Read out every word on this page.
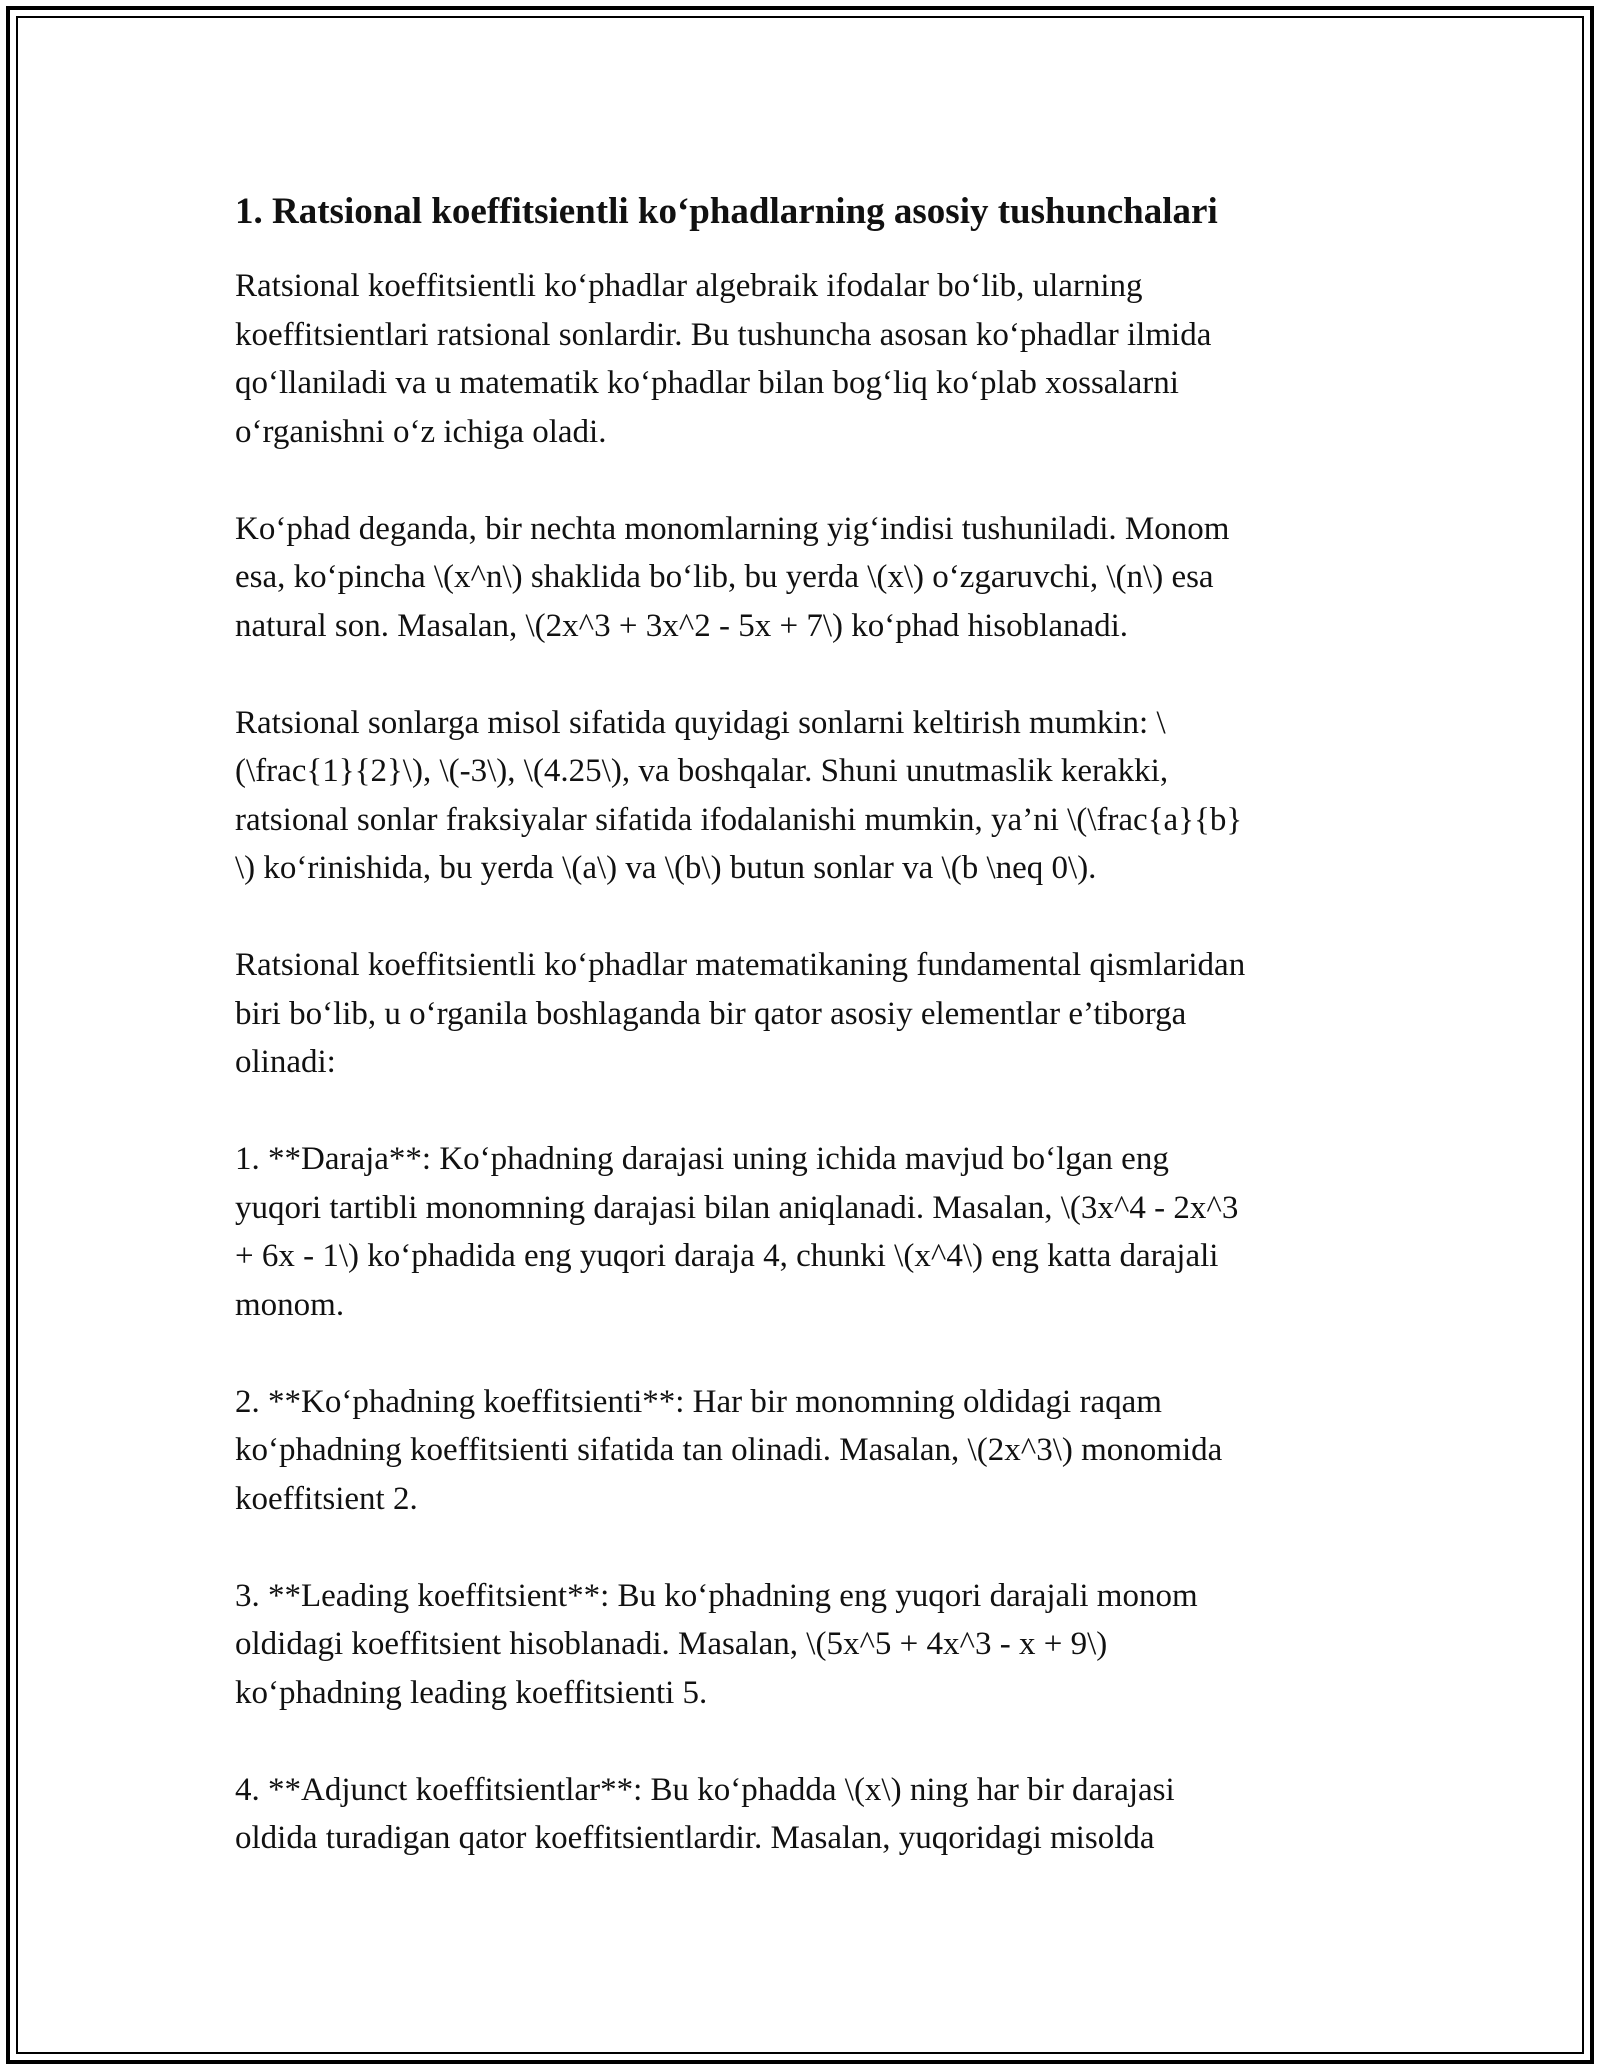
1. Ratsional koeffitsientli ko‘phadlarning asosiy tushunchalari
Ratsional koeffitsientli ko‘phadlar algebraik ifodalar bo‘lib, ularning
koeffitsientlari ratsional sonlardir. Bu tushuncha asosan ko‘phadlar ilmida
qo‘llaniladi va u matematik ko‘phadlar bilan bog‘liq ko‘plab xossalarni
o‘rganishni o‘z ichiga oladi.
Ko‘phad deganda, bir nechta monomlarning yig‘indisi tushuniladi. Monom
esa, ko‘pincha \(x^n\) shaklida bo‘lib, bu yerda \(x\) o‘zgaruvchi, \(n\) esa
natural son. Masalan, \(2x^3 + 3x^2 - 5x + 7\) ko‘phad hisoblanadi.
Ratsional sonlarga misol sifatida quyidagi sonlarni keltirish mumkin: \
(\frac{1}{2}\), \(-3\), \(4.25\), va boshqalar. Shuni unutmaslik kerakki,
ratsional sonlar fraksiyalar sifatida ifodalanishi mumkin, ya’ni \(\frac{a}{b}
\) ko‘rinishida, bu yerda \(a\) va \(b\) butun sonlar va \(b \neq 0\).
Ratsional koeffitsientli ko‘phadlar matematikaning fundamental qismlaridan
biri bo‘lib, u o‘rganila boshlaganda bir qator asosiy elementlar e’tiborga
olinadi:
1. **Daraja**: Ko‘phadning darajasi uning ichida mavjud bo‘lgan eng
yuqori tartibli monomning darajasi bilan aniqlanadi. Masalan, \(3x^4 - 2x^3
+ 6x - 1\) ko‘phadida eng yuqori daraja 4, chunki \(x^4\) eng katta darajali
monom.
2. **Ko‘phadning koeffitsienti**: Har bir monomning oldidagi raqam
ko‘phadning koeffitsienti sifatida tan olinadi. Masalan, \(2x^3\) monomida
koeffitsient 2.
3. **Leading koeffitsient**: Bu ko‘phadning eng yuqori darajali monom
oldidagi koeffitsient hisoblanadi. Masalan, \(5x^5 + 4x^3 - x + 9\)
ko‘phadning leading koeffitsienti 5.
4. **Adjunct koeffitsientlar**: Bu ko‘phadda \(x\) ning har bir darajasi
oldida turadigan qator koeffitsientlardir. Masalan, yuqoridagi misolda
